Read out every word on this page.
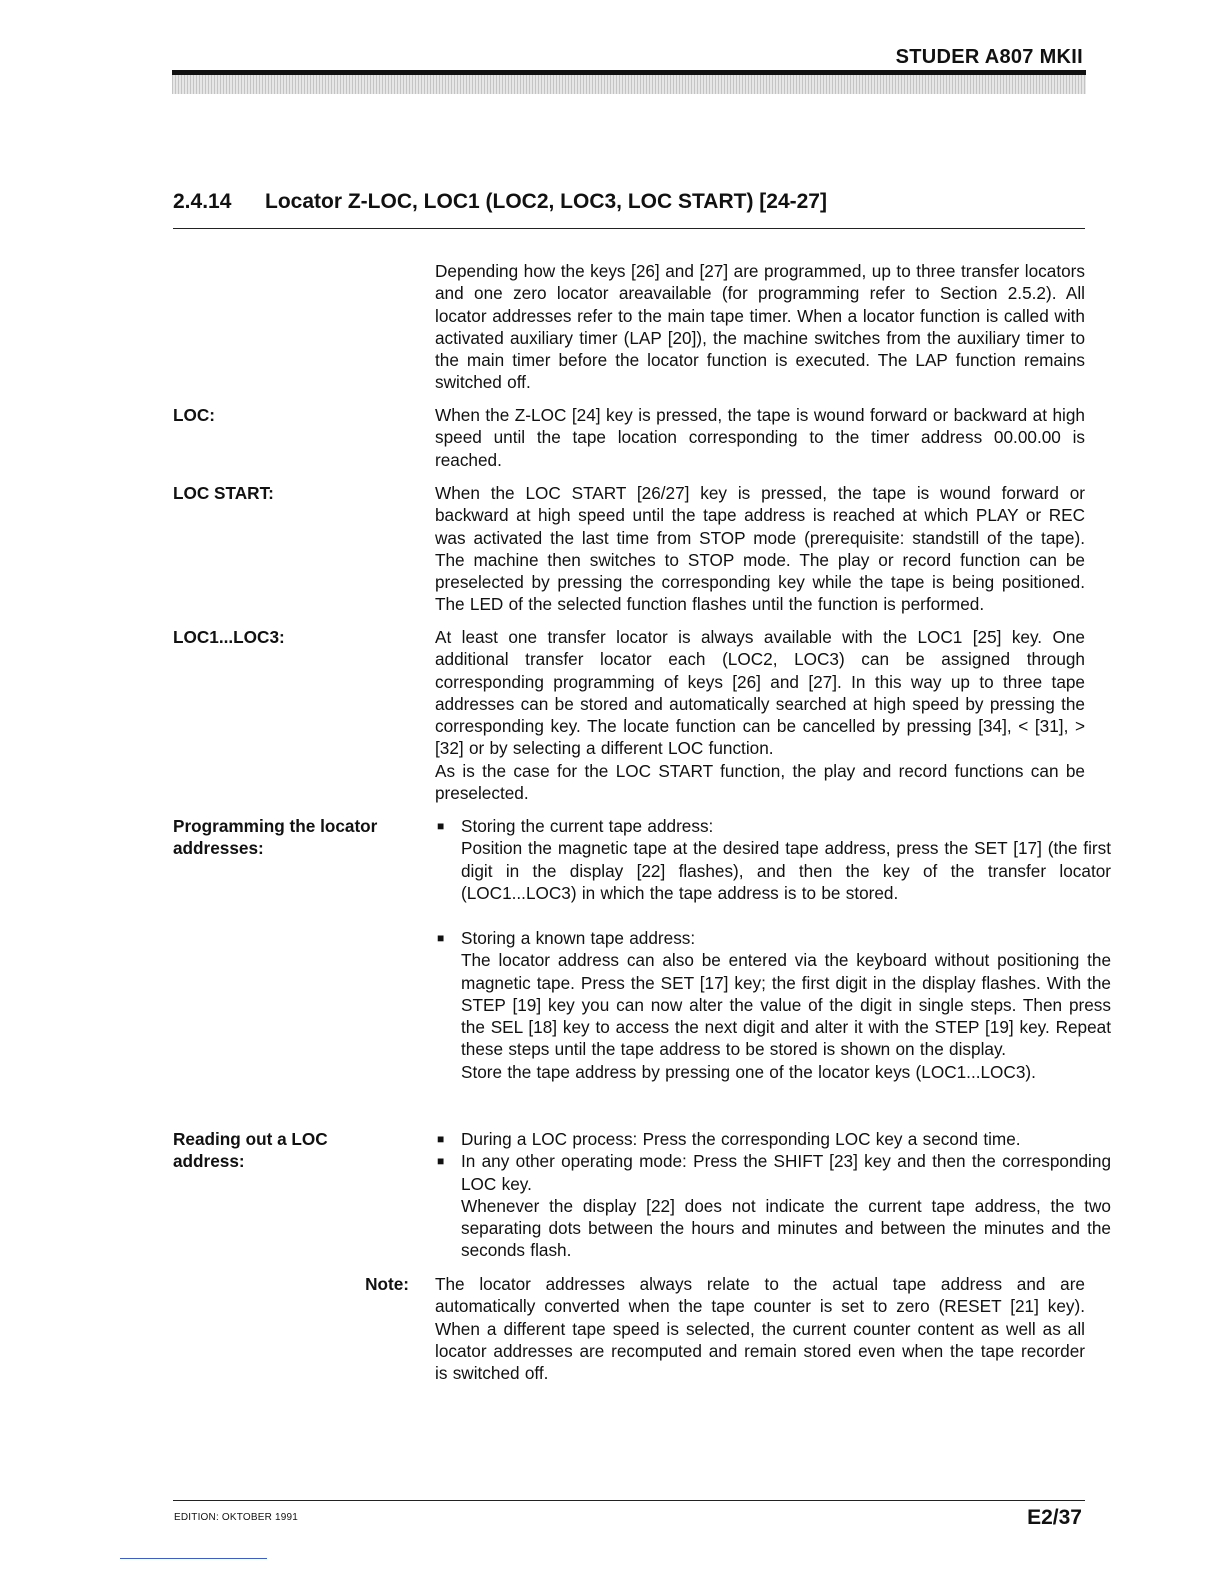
STUDER A807 MKII
2.4.14 Locator Z-LOC, LOC1 (LOC2, LOC3, LOC START) [24-27]
Depending how the keys [26] and [27] are programmed, up to three transfer locators and one zero locator areavailable (for programming refer to Section 2.5.2). All locator addresses refer to the main tape timer. When a locator function is called with activated auxiliary timer (LAP [20]), the machine switches from the auxiliary timer to the main timer before the locator function is executed. The LAP function remains switched off.
LOC:	When the Z-LOC [24] key is pressed, the tape is wound forward or backward at high speed until the tape location corresponding to the timer address 00.00.00 is reached.
LOC START:	When the LOC START [26/27] key is pressed, the tape is wound forward or backward at high speed until the tape address is reached at which PLAY or REC was activated the last time from STOP mode (prerequisite: standstill of the tape). The machine then switches to STOP mode. The play or record function can be preselected by pressing the corresponding key while the tape is being positioned. The LED of the selected function flashes until the function is performed.
LOC1...LOC3:	At least one transfer locator is always available with the LOC1 [25] key. One additional transfer locator each (LOC2, LOC3) can be assigned through corresponding programming of keys [26] and [27]. In this way up to three tape addresses can be stored and automatically searched at high speed by pressing the corresponding key. The locate function can be cancelled by pressing [34], < [31], > [32] or by selecting a different LOC function.
As is the case for the LOC START function, the play and record functions can be preselected.
Programming the locator
addresses:
■ Storing the current tape address:
Position the magnetic tape at the desired tape address, press the SET [17] (the first digit in the display [22] flashes), and then the key of the transfer locator (LOC1...LOC3) in which the tape address is to be stored.
■ Storing a known tape address:
The locator address can also be entered via the keyboard without positioning the magnetic tape. Press the SET [17] key; the first digit in the display flashes. With the STEP [19] key you can now alter the value of the digit in single steps. Then press the SEL [18] key to access the next digit and alter it with the STEP [19] key. Repeat these steps until the tape address to be stored is shown on the display.
Store the tape address by pressing one of the locator keys (LOC1...LOC3).
Reading out a LOC
address:
■ During a LOC process: Press the corresponding LOC key a second time.
■ In any other operating mode: Press the SHIFT [23] key and then the corresponding LOC key.
Whenever the display [22] does not indicate the current tape address, the two separating dots between the hours and minutes and between the minutes and the seconds flash.
Note: The locator addresses always relate to the actual tape address and are automatically converted when the tape counter is set to zero (RESET [21] key). When a different tape speed is selected, the current counter content as well as all locator addresses are recomputed and remain stored even when the tape recorder is switched off.
EDITION: OKTOBER 1991	E2/37
